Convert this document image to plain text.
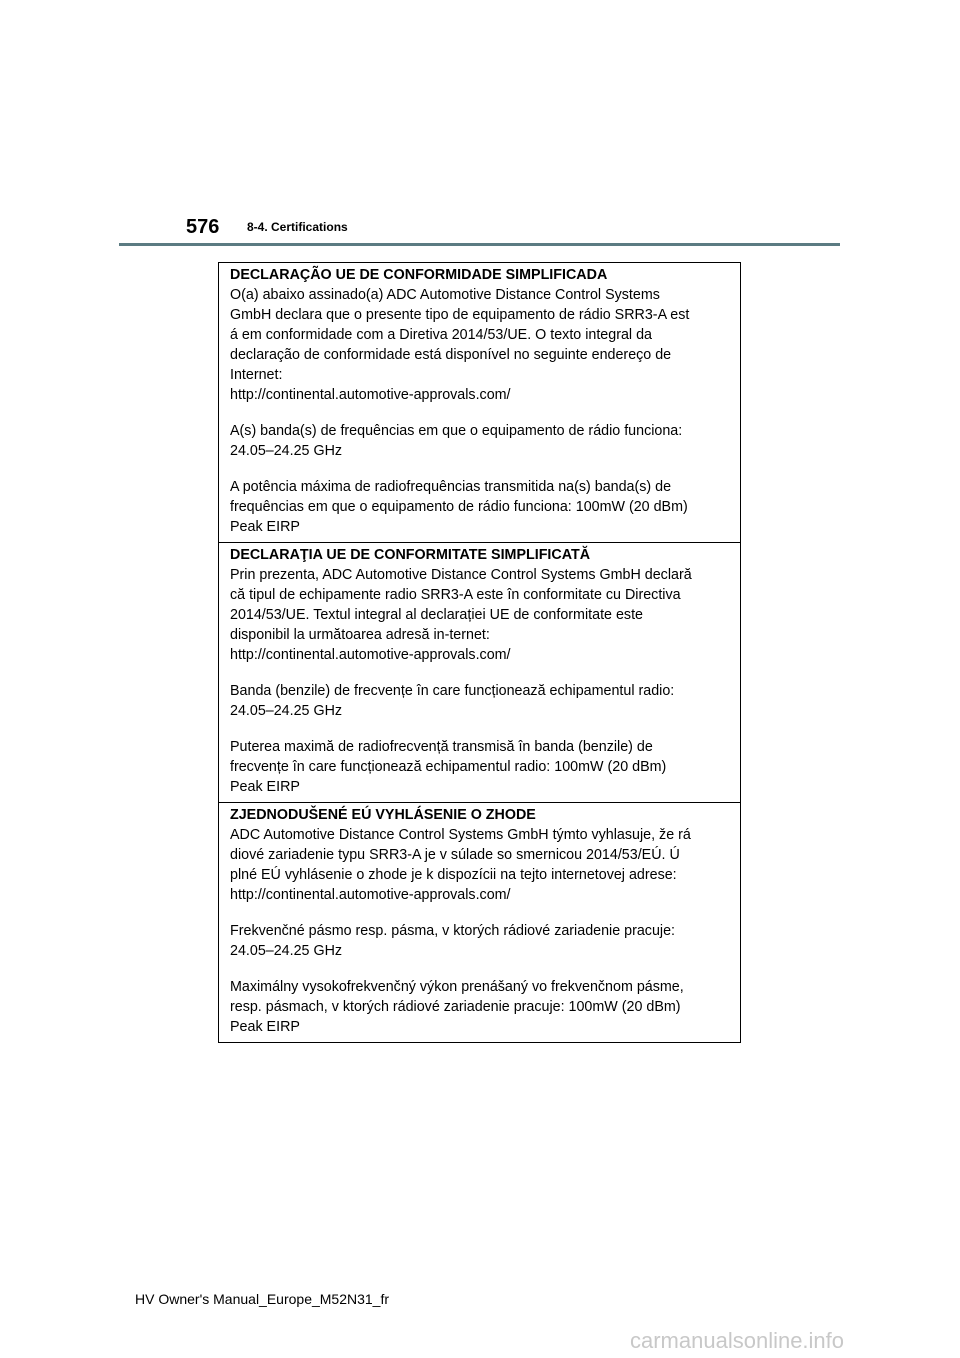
576 8-4. Certifications

DECLARAÇÃO UE DE CONFORMIDADE SIMPLIFICADA

O(a) abaixo assinado(a) ADC Automotive Distance Control Systems
GmbH declara que o presente tipo de equipamento de rádio SRR3-A est
á em conformidade com a Diretiva 2014/53/UE. O texto integral da
declaração de conformidade está disponível no seguinte endereço de
Internet:
http://continental.automotive-approvals.com/

A(s) banda(s) de frequências em que o equipamento de rádio funciona:
24.05–24.25 GHz

A potência máxima de radiofrequências transmitida na(s) banda(s) de
frequências em que o equipamento de rádio funciona: 100mW (20 dBm)
Peak EIRP

DECLARAŢIA UE DE CONFORMITATE SIMPLIFICATĂ

Prin prezenta, ADC Automotive Distance Control Systems GmbH declară
că tipul de echipamente radio SRR3-A este în conformitate cu Directiva
2014/53/UE. Textul integral al declarației UE de conformitate este
disponibil la următoarea adresă in-ternet:
http://continental.automotive-approvals.com/

Banda (benzile) de frecvențe în care funcționează echipamentul radio:
24.05–24.25 GHz

Puterea maximă de radiofrecvență transmisă în banda (benzile) de
frecvențe în care funcționează echipamentul radio: 100mW (20 dBm)
Peak EIRP

ZJEDNODUŠENÉ EÚ VYHLÁSENIE O ZHODE

ADC Automotive Distance Control Systems GmbH týmto vyhlasuje, že rá
diové zariadenie typu SRR3-A je v súlade so smernicou 2014/53/EÚ. Ú
plné EÚ vyhlásenie o zhode je k dispozícii na tejto internetovej adrese:
http://continental.automotive-approvals.com/

Frekvenčné pásmo resp. pásma, v ktorých rádiové zariadenie pracuje:
24.05–24.25 GHz

Maximálny vysokofrekvenčný výkon prenášaný vo frekvenčnom pásme,
resp. pásmach, v ktorých rádiové zariadenie pracuje: 100mW (20 dBm)
Peak EIRP

HV Owner's Manual_Europe_M52N31_fr
carmanualsonline.info
